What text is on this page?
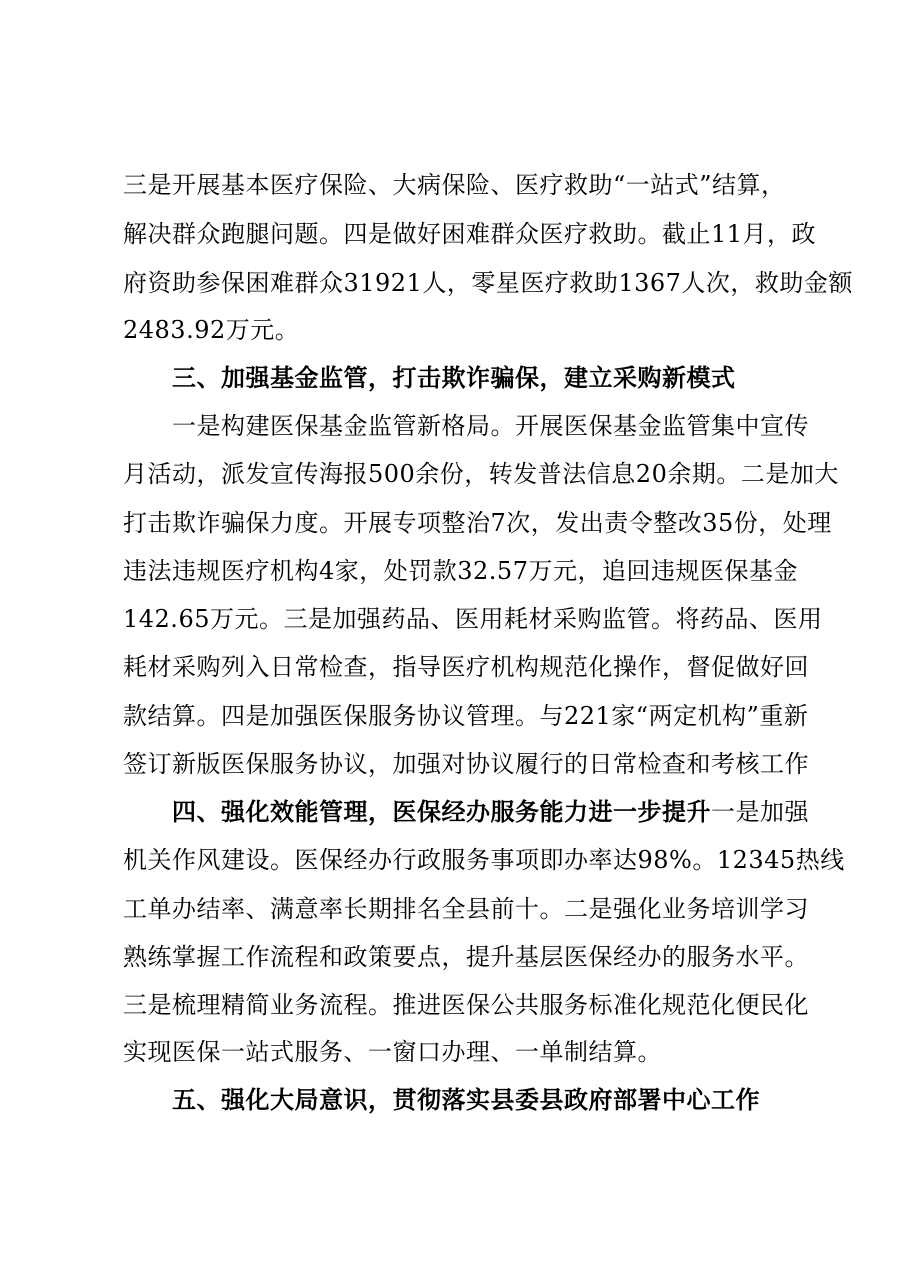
三是开展基本医疗保险、大病保险、医疗救助“一站式”结算，
解决群众跑腿问题。四是做好困难群众医疗救助。截止11月，政
府资助参保困难群众31921人，零星医疗救助1367人次，救助金额
2483.92万元。
三、加强基金监管，打击欺诈骗保，建立采购新模式
一是构建医保基金监管新格局。开展医保基金监管集中宣传
月活动，派发宣传海报500余份，转发普法信息20余期。二是加大
打击欺诈骗保力度。开展专项整治7次，发出责令整改35份，处理
违法违规医疗机构4家，处罚款32.57万元，追回违规医保基金
142.65万元。三是加强药品、医用耗材采购监管。将药品、医用
耗材采购列入日常检查，指导医疗机构规范化操作，督促做好回
款结算。四是加强医保服务协议管理。与221家“两定机构”重新
签订新版医保服务协议，加强对协议履行的日常检查和考核工作
四、强化效能管理，医保经办服务能力进一步提升一是加强
机关作风建设。医保经办行政服务事项即办率达98%。12345热线
工单办结率、满意率长期排名全县前十。二是强化业务培训学习
熟练掌握工作流程和政策要点，提升基层医保经办的服务水平。
三是梳理精简业务流程。推进医保公共服务标准化规范化便民化
实现医保一站式服务、一窗口办理、一单制结算。
五、强化大局意识，贯彻落实县委县政府部署中心工作
